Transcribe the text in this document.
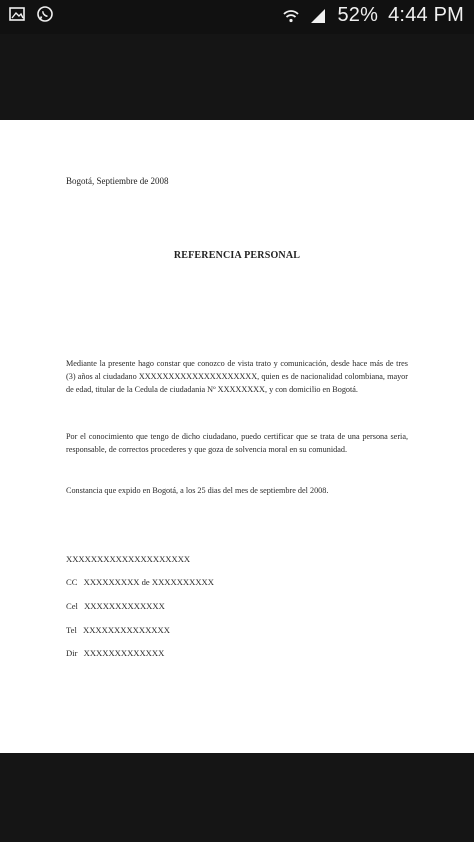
52% 4:44 PM
Bogotá, Septiembre de 2008
REFERENCIA PERSONAL
Mediante la presente hago constar que conozco de vista trato y comunicación, desde hace más de tres (3) años al ciudadano XXXXXXXXXXXXXXXXXXXX, quien es de nacionalidad colombiana, mayor de edad, titular de la Cedula de ciudadania Nº XXXXXXXX, y con domicilio en Bogotá.
Por el conocimiento que tengo de dicho ciudadano, puedo certificar que se trata de una persona seria, responsable, de correctos procederes y que goza de solvencia moral en su comunidad.
Constancia que expido en Bogotá, a los 25 dias del mes de septiembre del 2008.
XXXXXXXXXXXXXXXXXXXX
CC XXXXXXXXX de XXXXXXXXXX
Cel XXXXXXXXXXXXX
Tel XXXXXXXXXXXXXX
Dir XXXXXXXXXXXXX
